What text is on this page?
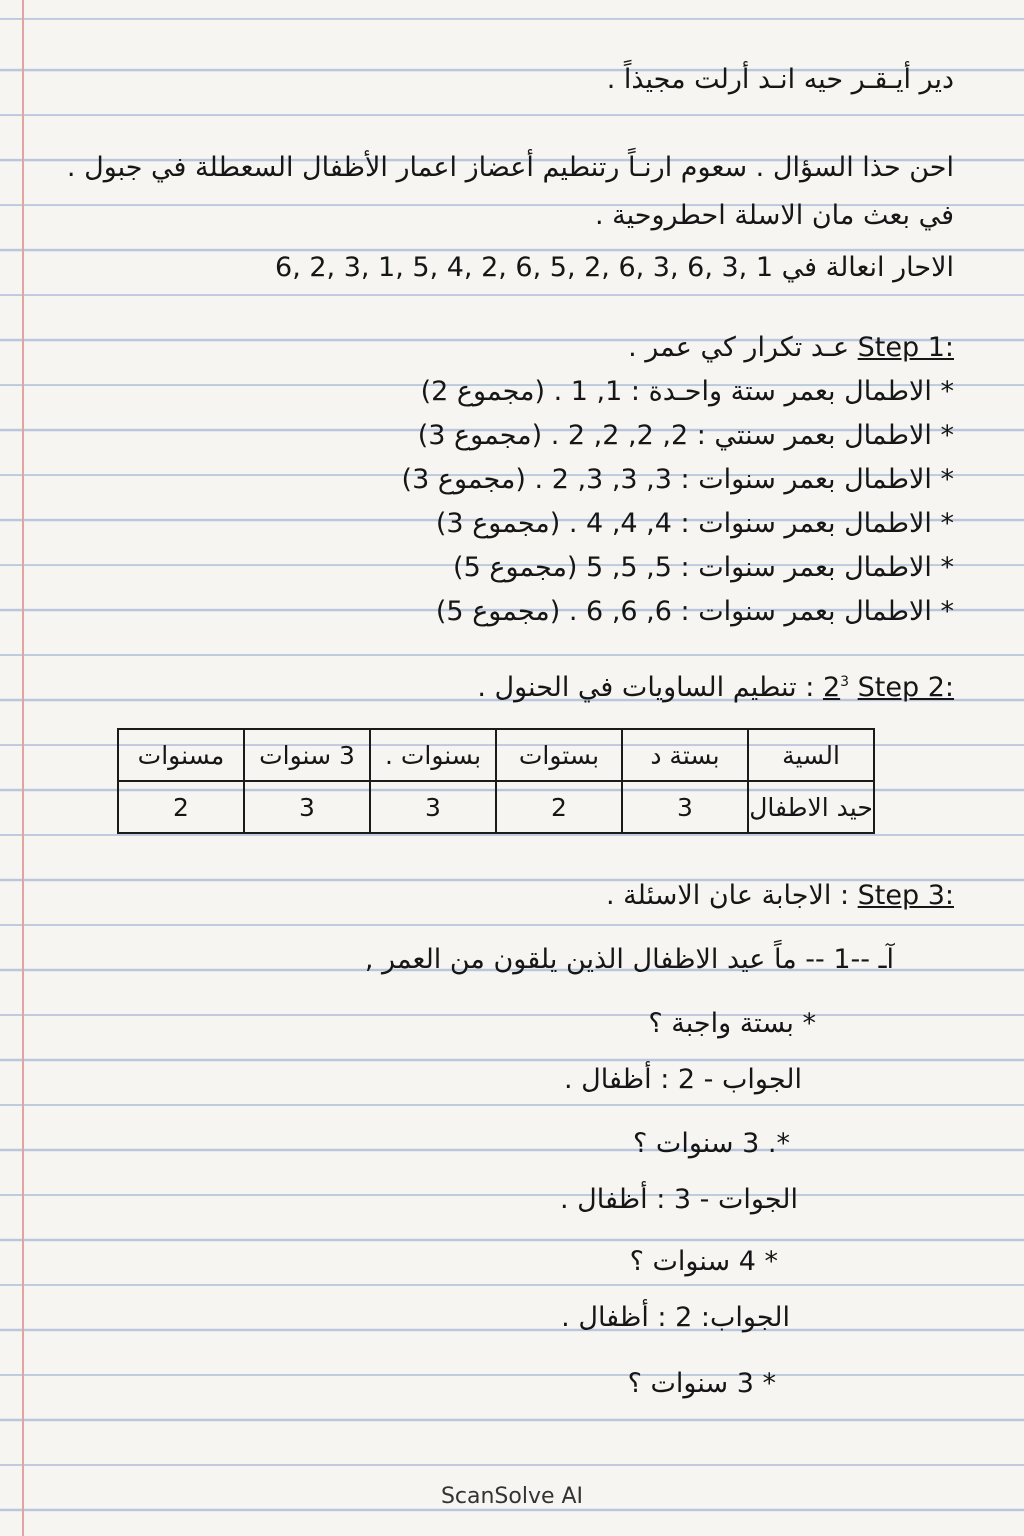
دير أيـقـر حيه انـد أرلت مجيذاً .
احن حذا السؤال . سعوم ارنـاً رتنطيم أعضاز اعمار الأظفال السعطلة في جبول .
في بعث مان الاسلة احطروحية .
الاحار انعالة في 6, 2, 3, 1, 5, 4, 2, 6, 5, 2, 6, 3, 6, 3, 1
Step 1: عـد تكرار كي عمر .
* الاطمال بعمر ستة واحـدة : 1, 1 . (مجموع 2)
* الاطمال بعمر سنتي : 2, 2, 2, 2 . (مجموع 3)
* الاطمال بعمر سنوات : 3, 3, 3, 2 . (مجموع 3)
* الاطمال بعمر سنوات : 4, 4, 4 . (مجموع 3)
* الاطمال بعمر سنوات : 5, 5, 5 (مجموع 5)
* الاطمال بعمر سنوات : 6, 6, 6 . (مجموع 5)
Step 2: $2^3$ : تنطيم الساويات في الحنول .
السية	بستة د	بستوات	بسنوات .	3 سنوات	مسنوات
حيد الاطفال	3	2	3	3	2
Step 3: : الاجابة عان الاسئلة .
آـ --1 -- ماً عيد الاظفال الذين يلقون من العمر ,
* بستة واجبة ؟
الجواب - 2 : أظفال .
*. 3 سنوات ؟
الجوات - 3 : أظفال .
* 4 سنوات ؟
الجواب: 2 : أظفال .
* 3 سنوات ؟
ScanSolve AI
